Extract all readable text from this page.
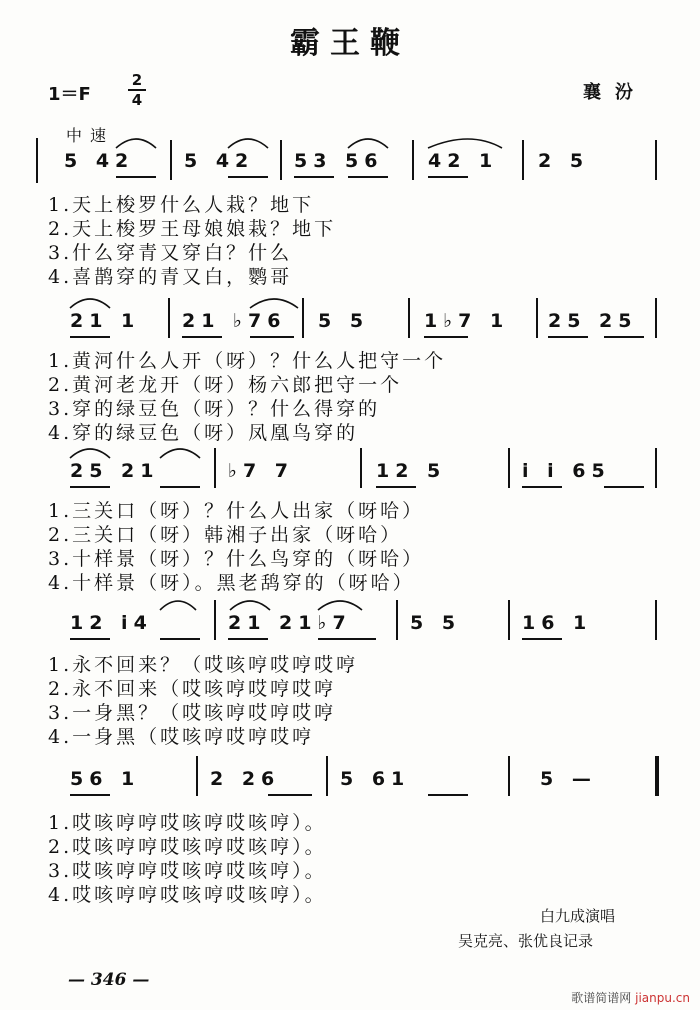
霸王鞭
1＝F
2
4	襄汾
中速
5 42	5 42 53 56 42 1 2 5
1.天上梭罗什么人栽？地下
2.天上梭罗王母娘娘栽？地下
3.什么穿青又穿白？什么
4.喜鹊穿的青又白，鹦哥
21 1 21 ♭76 5 5	1♭7 1 25 25
1.黄河什么人开（呀）？什么人把守一个
2.黄河老龙开（呀）杨六郎把守一个
3.穿的绿豆色（呀）？什么得穿的
4.穿的绿豆色（呀）凤凰鸟穿的
25 21	♭7 7	12 5	i i 65
1.三关口（呀）？什么人出家（呀哈）
2.三关口（呀）韩湘子出家（呀哈）
3.十样景（呀）？什么鸟穿的（呀哈）
4.十样景（呀）。黑老鸹穿的（呀哈）
12 i4	21 21♭7	5 5	16 1
1.永不回来？（哎咳哼哎哼哎哼
2.永不回来（哎咳哼哎哼哎哼
3.一身黑？（哎咳哼哎哼哎哼
4.一身黑（哎咳哼哎哼哎哼
56 1	2 26	5 61	5 —
1.哎咳哼哼哎咳哼哎咳哼）。
2.哎咳哼哼哎咳哼哎咳哼）。
3.哎咳哼哼哎咳哼哎咳哼）。
4.哎咳哼哼哎咳哼哎咳哼）。
白九成演唱
吴克亮、张优良记录
— 346 —
歌谱简谱网 jianpu.cn
